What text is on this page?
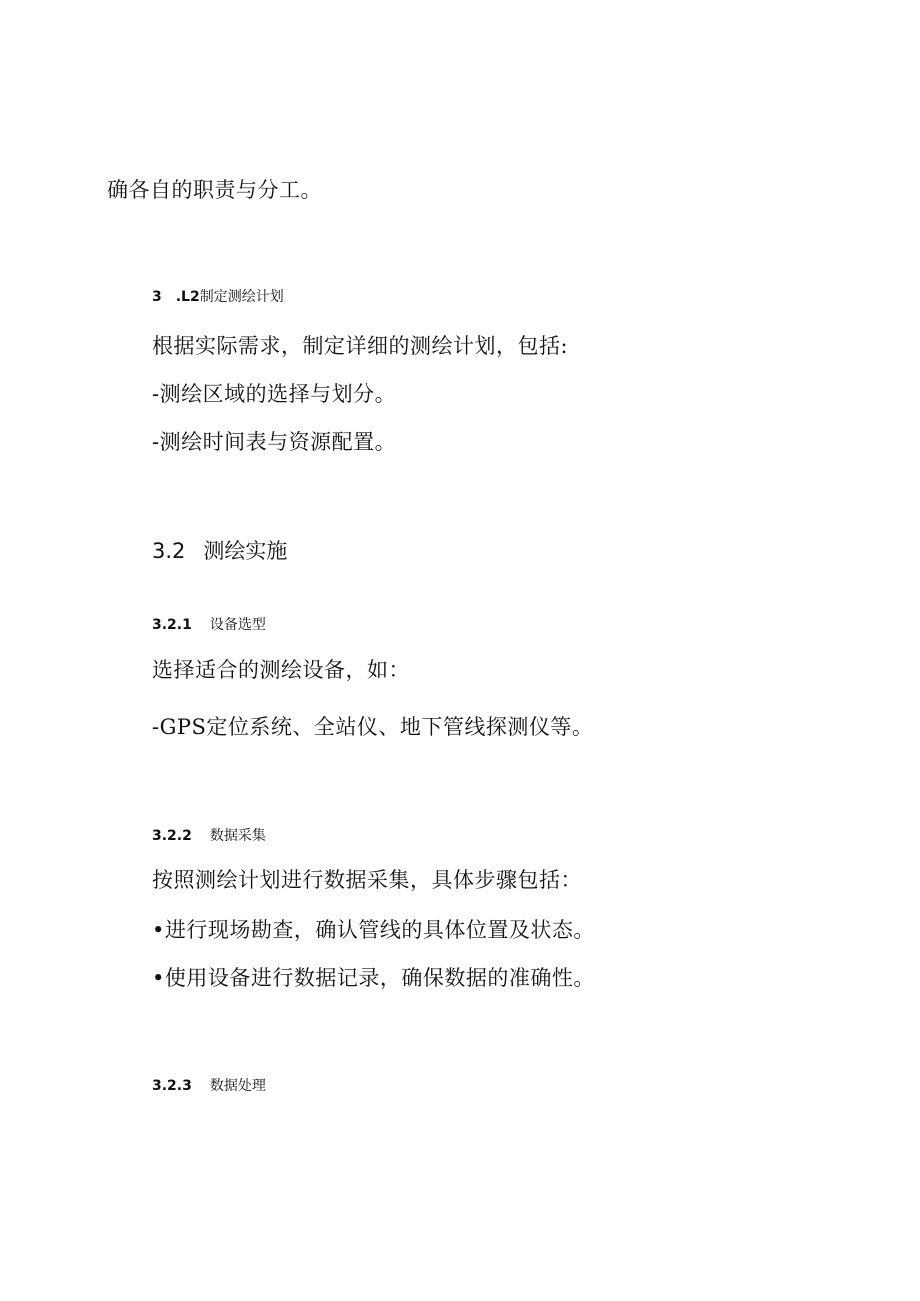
确各自的职责与分工。
3 .L2制定测绘计划
根据实际需求，制定详细的测绘计划，包括:
-测绘区域的选择与划分。
-测绘时间表与资源配置。
3.2 测绘实施
3.2.1 设备选型
选择适合的测绘设备，如：
-GPS定位系统、全站仪、地下管线探测仪等。
3.2.2 数据采集
按照测绘计划进行数据采集，具体步骤包括：
•进行现场勘查，确认管线的具体位置及状态。
•使用设备进行数据记录，确保数据的准确性。
3.2.3 数据处理
